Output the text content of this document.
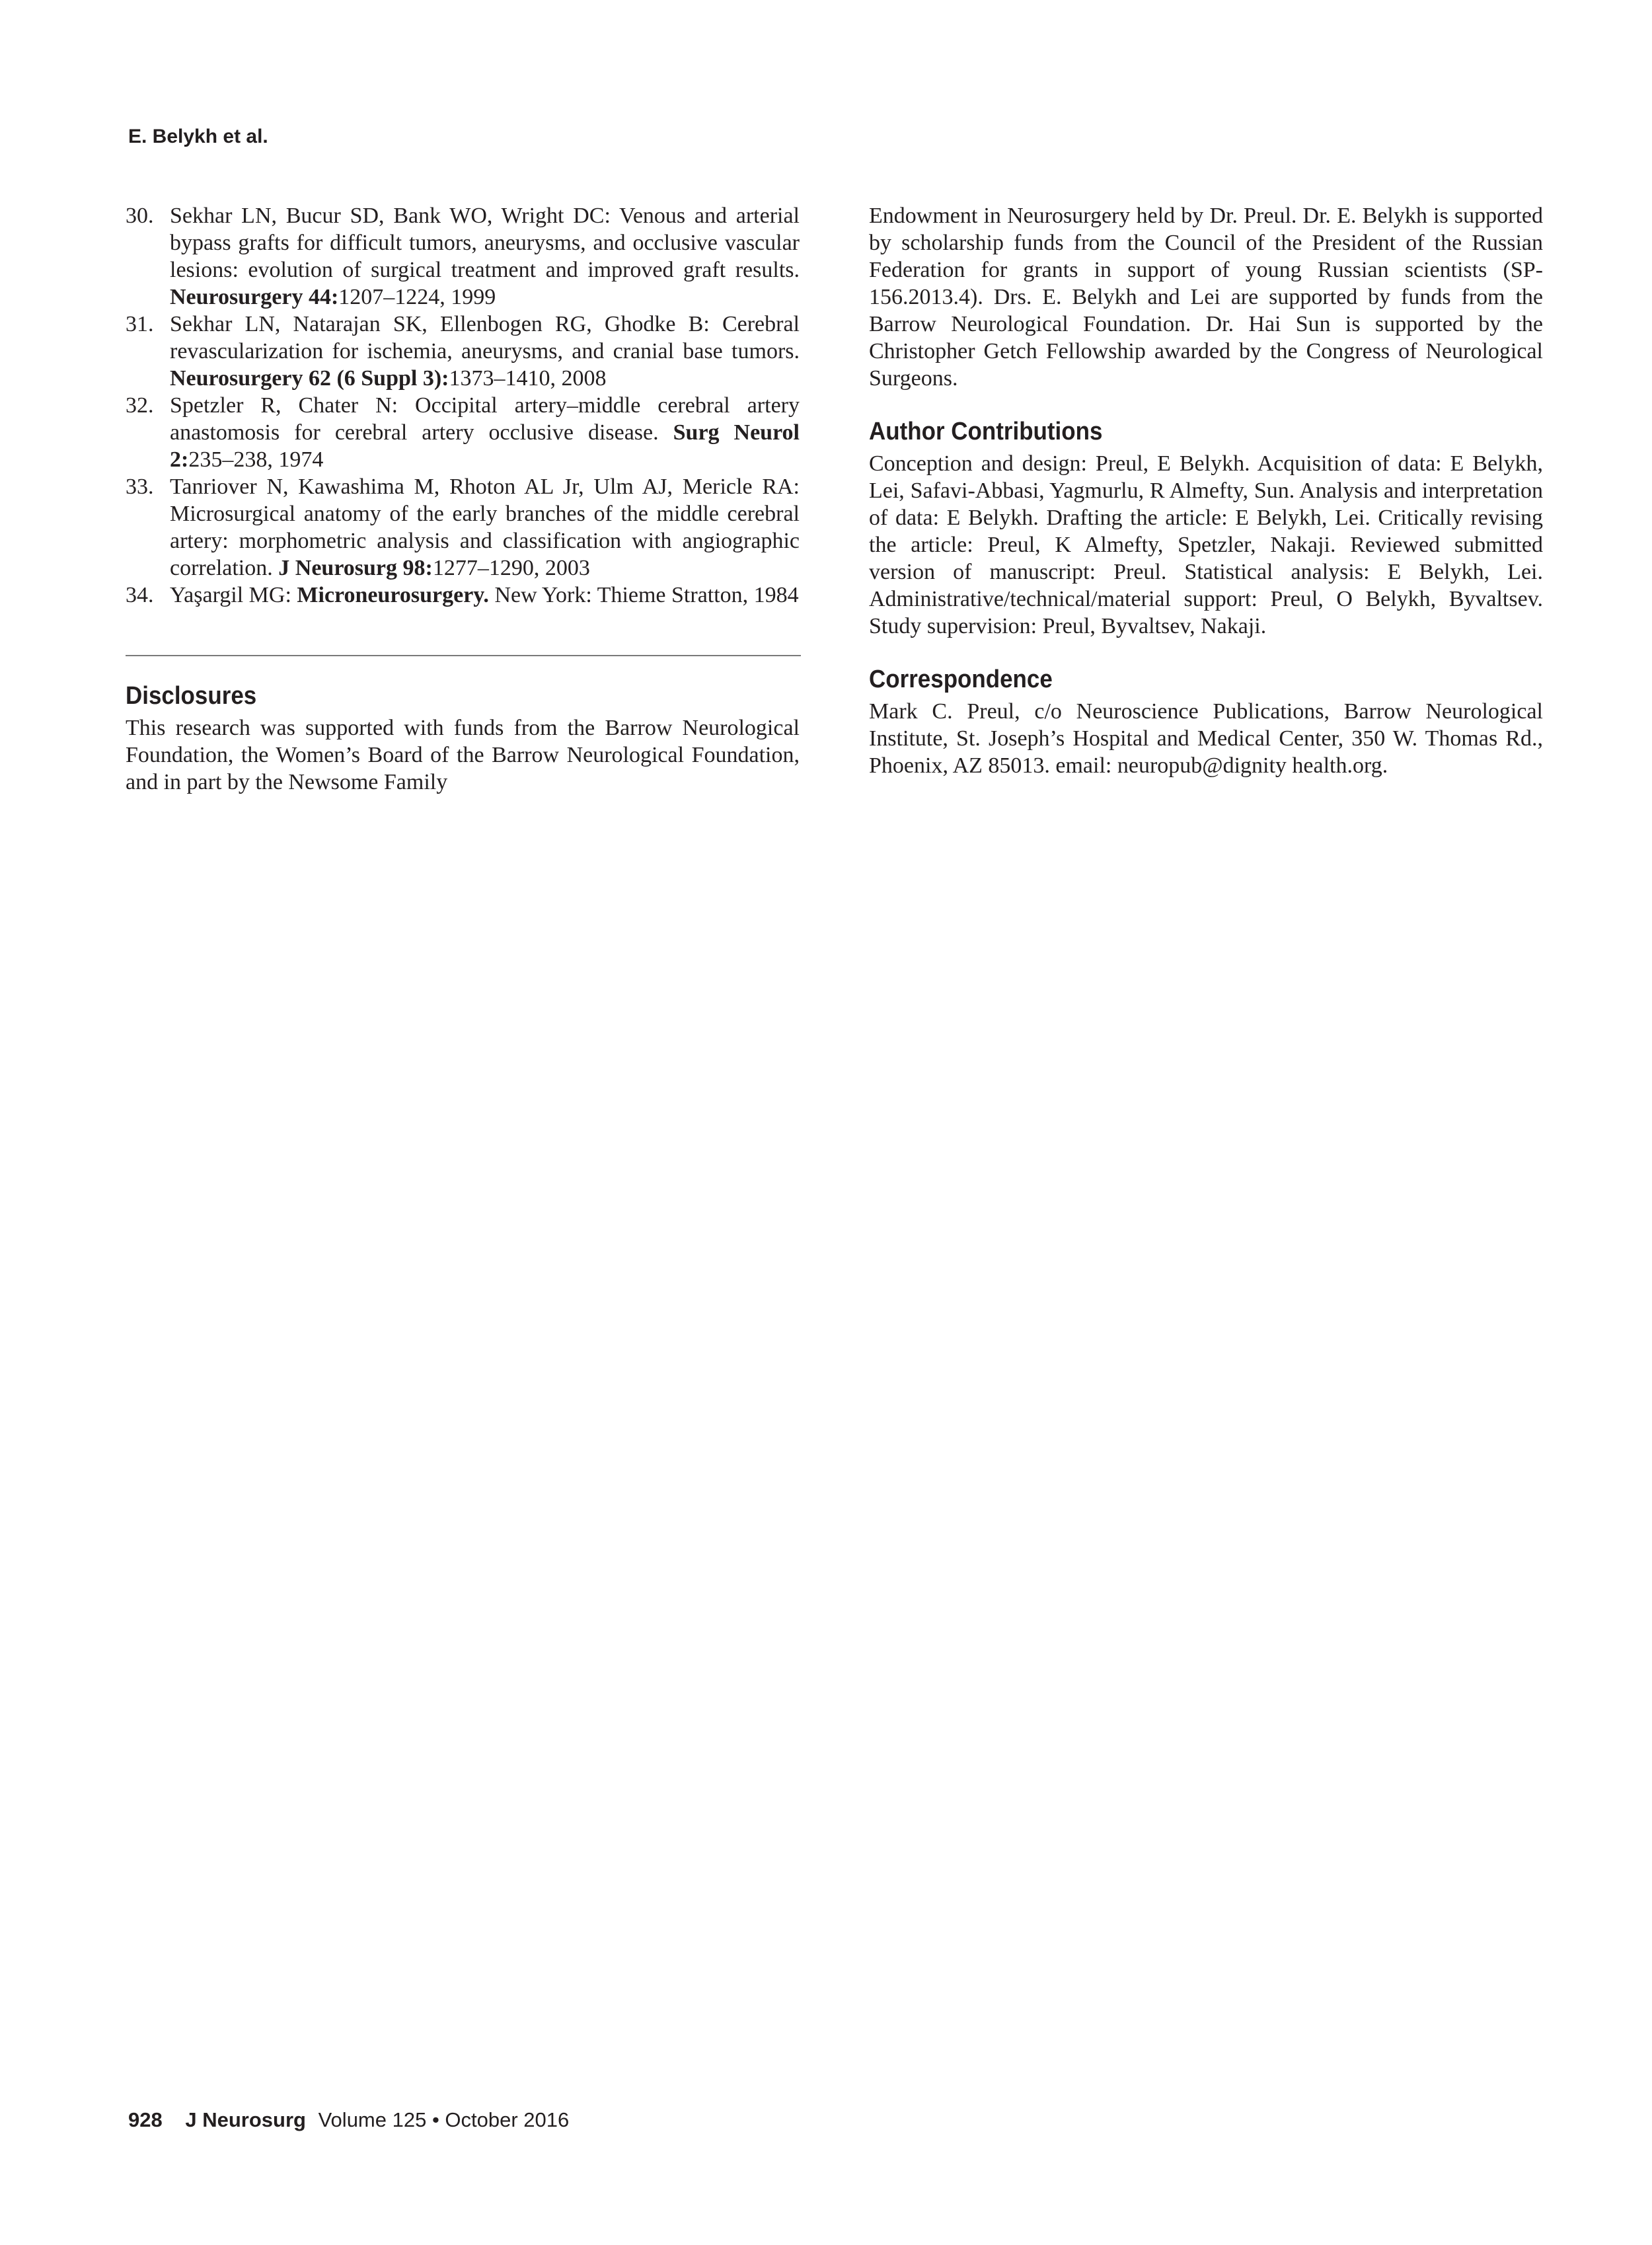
E. Belykh et al.

30. Sekhar LN, Bucur SD, Bank WO, Wright DC: Venous and arterial bypass grafts for difficult tumors, aneurysms, and occlusive vascular lesions: evolution of surgical treatment and improved graft results. Neurosurgery 44:1207–1224, 1999

31. Sekhar LN, Natarajan SK, Ellenbogen RG, Ghodke B: Cerebral revascularization for ischemia, aneurysms, and cranial base tumors. Neurosurgery 62 (6 Suppl 3):1373–1410, 2008

32. Spetzler R, Chater N: Occipital artery–middle cerebral artery anastomosis for cerebral artery occlusive disease. Surg Neurol 2:235–238, 1974

33. Tanriover N, Kawashima M, Rhoton AL Jr, Ulm AJ, Mericle RA: Microsurgical anatomy of the early branches of the middle cerebral artery: morphometric analysis and classification with angiographic correlation. J Neurosurg 98:1277–1290, 2003

34. Yaşargil MG: Microneurosurgery. New York: Thieme Stratton, 1984

Disclosures

This research was supported with funds from the Barrow Neurological Foundation, the Women’s Board of the Barrow Neurological Foundation, and in part by the Newsome Family

Endowment in Neurosurgery held by Dr. Preul. Dr. E. Belykh is supported by scholarship funds from the Council of the President of the Russian Federation for grants in support of young Russian scientists (SP-156.2013.4). Drs. E. Belykh and Lei are supported by funds from the Barrow Neurological Foundation. Dr. Hai Sun is supported by the Christopher Getch Fellowship awarded by the Congress of Neurological Surgeons.

Author Contributions

Conception and design: Preul, E Belykh. Acquisition of data: E Belykh, Lei, Safavi-Abbasi, Yagmurlu, R Almefty, Sun. Analysis and interpretation of data: E Belykh. Drafting the article: E Belykh, Lei. Critically revising the article: Preul, K Almefty, Spetzler, Nakaji. Reviewed submitted version of manuscript: Preul. Statistical analysis: E Belykh, Lei. Administrative/technical/material support: Preul, O Belykh, Byvaltsev. Study supervision: Preul, Byvaltsev, Nakaji.

Correspondence

Mark C. Preul, c/o Neuroscience Publications, Barrow Neurological Institute, St. Joseph’s Hospital and Medical Center, 350 W. Thomas Rd., Phoenix, AZ 85013. email: neuropub@dignity health.org.

928 J Neurosurg Volume 125 • October 2016
